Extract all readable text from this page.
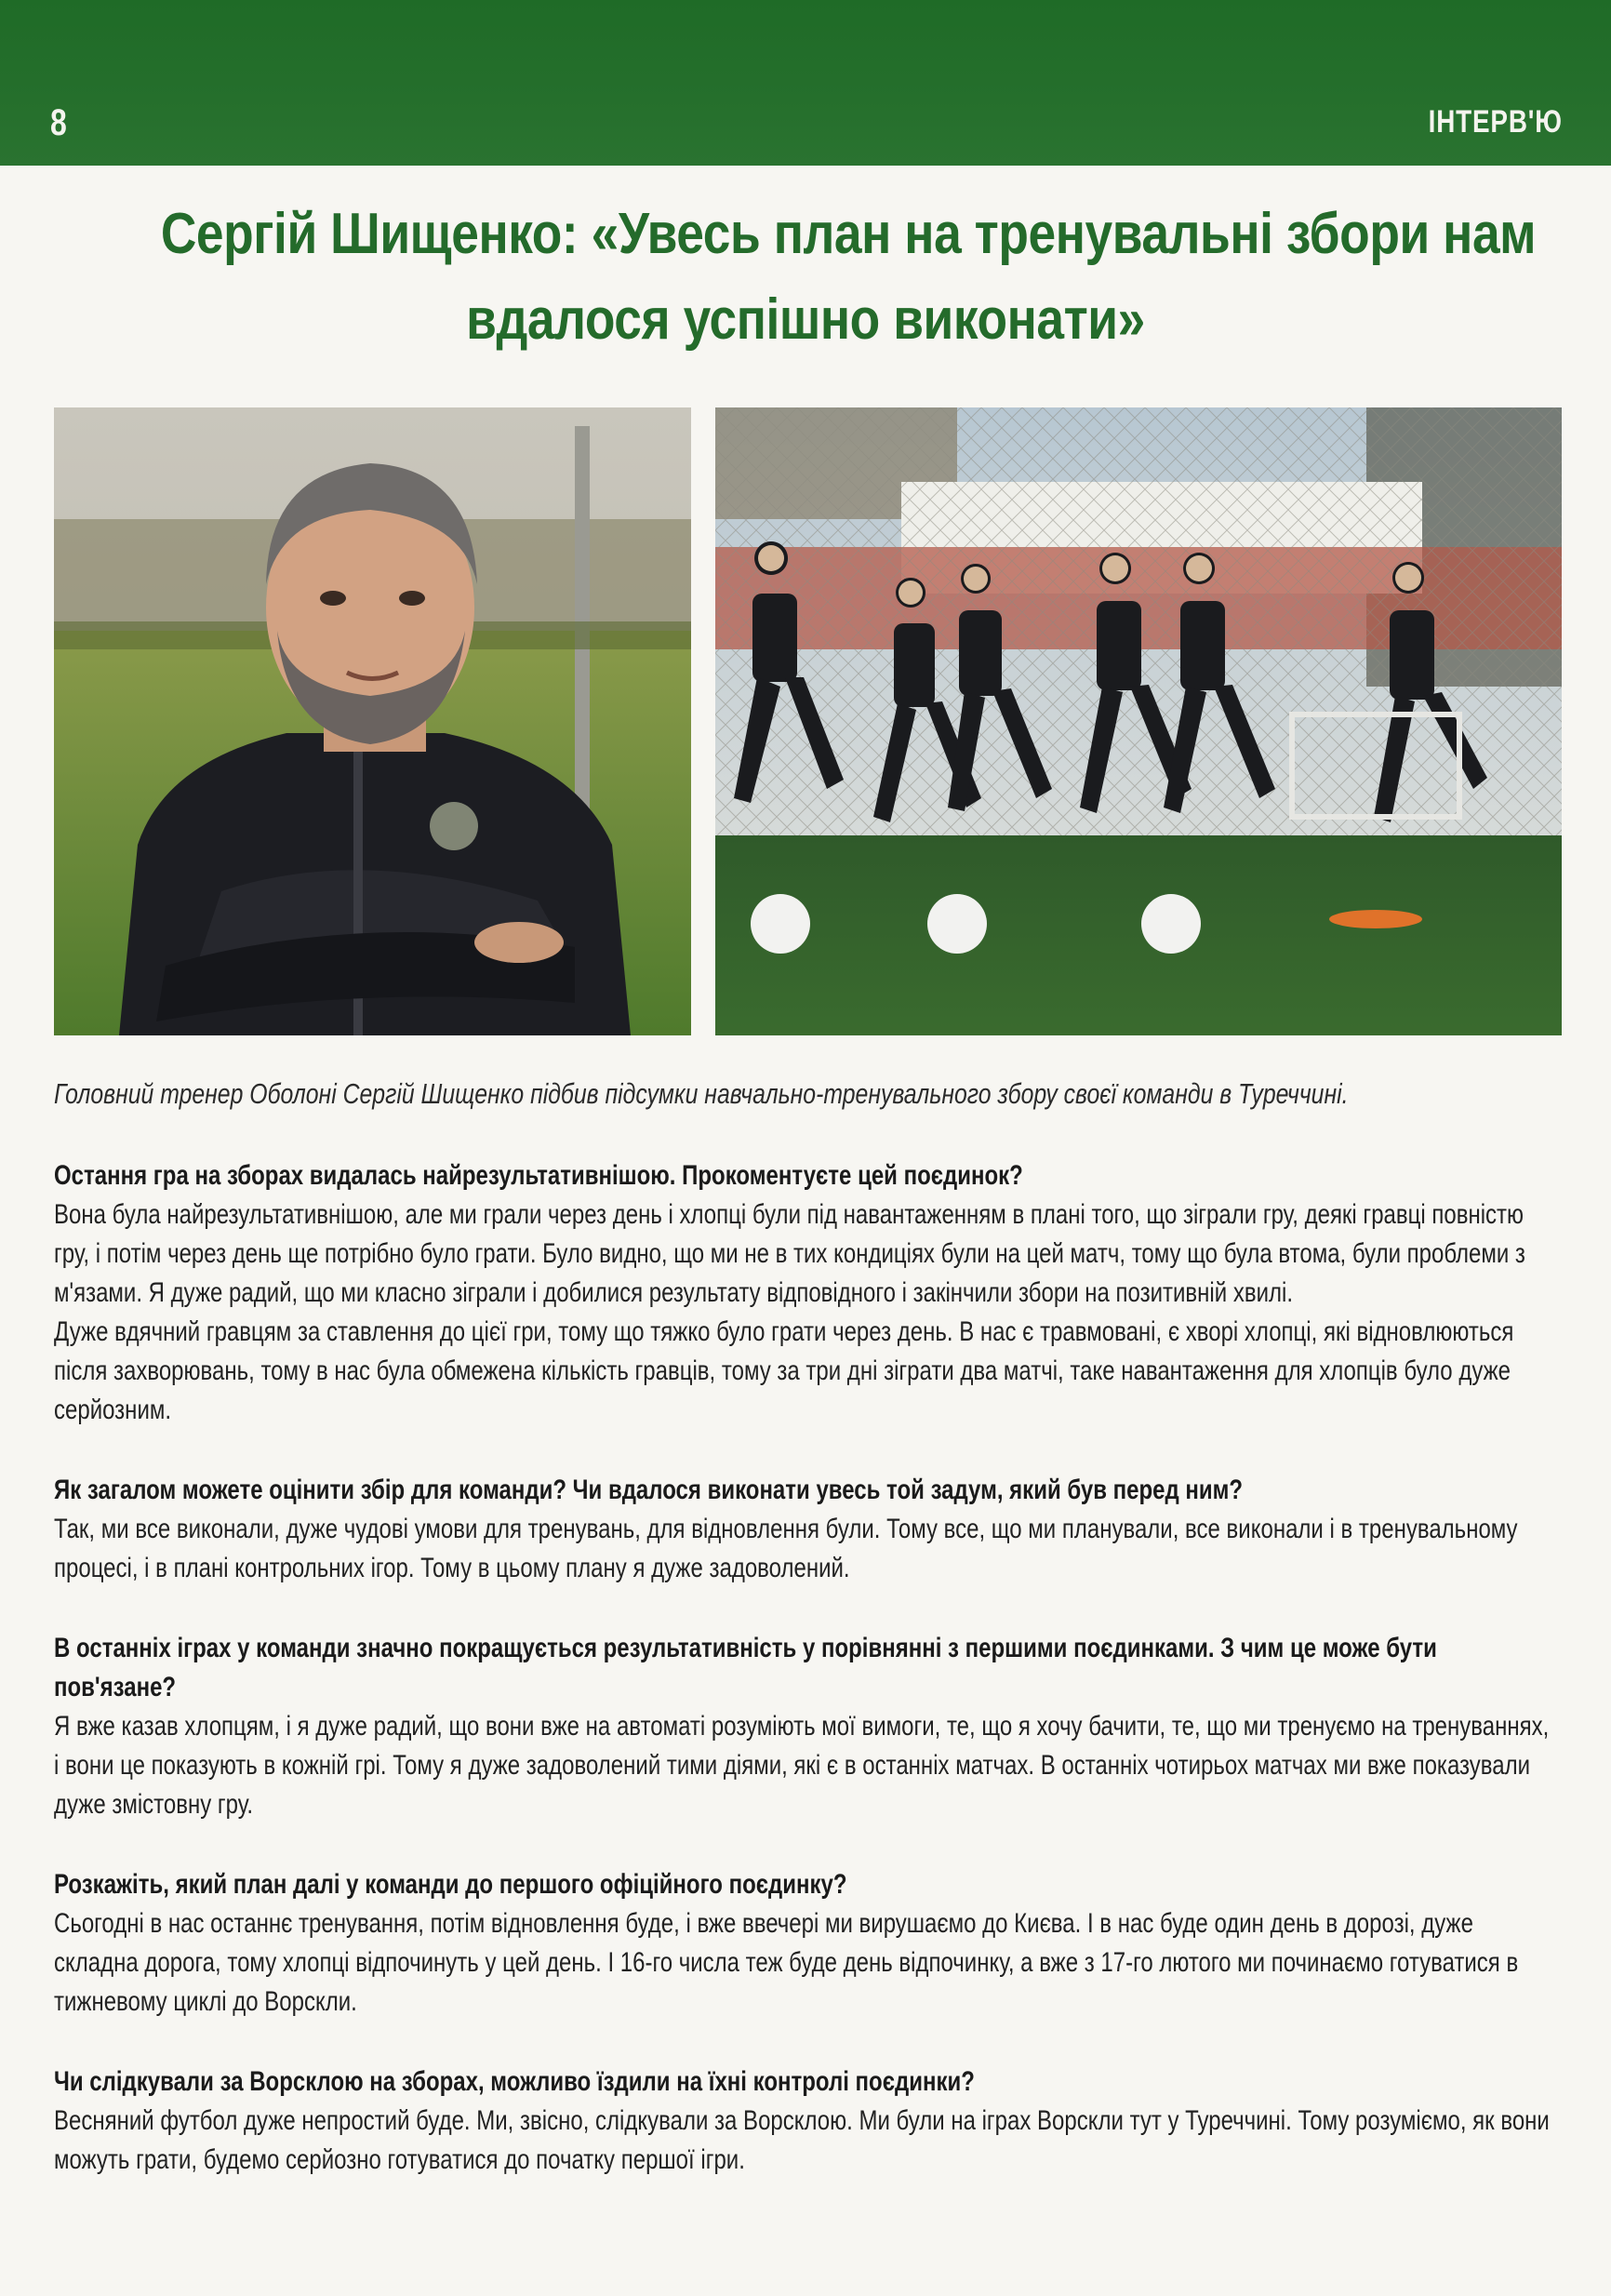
8	ІНТЕРВ'Ю
Сергій Шищенко: «Увесь план на тренувальні збори нам
вдалося успішно виконати»
Головний тренер Оболоні Сергій Шищенко підбив підсумки навчально-тренувального збору своєї команди в Туреччині.

Остання гра на зборах видалась найрезультативнішою. Прокоментуєте цей поєдинок?

Вона була найрезультативнішою, але ми грали через день і хлопці були під навантаженням в плані того, що зіграли гру, деякі гравці повністю гру, і потім через день ще потрібно було грати. Було видно, що ми не в тих кондиціях були на цей матч, тому що була втома, були проблеми з м'язами. Я дуже радий, що ми класно зіграли і добилися результату відповідного і закінчили збори на позитивній хвилі.

Дуже вдячний гравцям за ставлення до цієї гри, тому що тяжко було грати через день. В нас є травмовані, є хворі хлопці, які відновлюються після захворювань, тому в нас була обмежена кількість гравців, тому за три дні зіграти два матчі, таке навантаження для хлопців було дуже серйозним.

Як загалом можете оцінити збір для команди? Чи вдалося виконати увесь той задум, який був перед ним?

Так, ми все виконали, дуже чудові умови для тренувань, для відновлення були. Тому все, що ми планували, все виконали і в тренувальному процесі, і в плані контрольних ігор. Тому в цьому плану я дуже задоволений.

В останніх іграх у команди значно покращується результативність у порівнянні з першими поєдинками. З чим це може бути пов'язане?

Я вже казав хлопцям, і я дуже радий, що вони вже на автоматі розуміють мої вимоги, те, що я хочу бачити, те, що ми тренуємо на тренуваннях, і вони це показують в кожній грі. Тому я дуже задоволений тими діями, які є в останніх матчах. В останніх чотирьох матчах ми вже показували дуже змістовну гру.

Розкажіть, який план далі у команди до першого офіційного поєдинку?

Сьогодні в нас останнє тренування, потім відновлення буде, і вже ввечері ми вирушаємо до Києва. І в нас буде один день в дорозі, дуже складна дорога, тому хлопці відпочинуть у цей день. І 16-го числа теж буде день відпочинку, а вже з 17-го лютого ми починаємо готуватися в тижневому циклі до Ворскли.

Чи слідкували за Ворсклою на зборах, можливо їздили на їхні контролі поєдинки?

Весняний футбол дуже непростий буде. Ми, звісно, слідкували за Ворсклою. Ми були на іграх Ворскли тут у Туреччині. Тому розуміємо, як вони можуть грати, будемо серйозно готуватися до початку першої ігри.
